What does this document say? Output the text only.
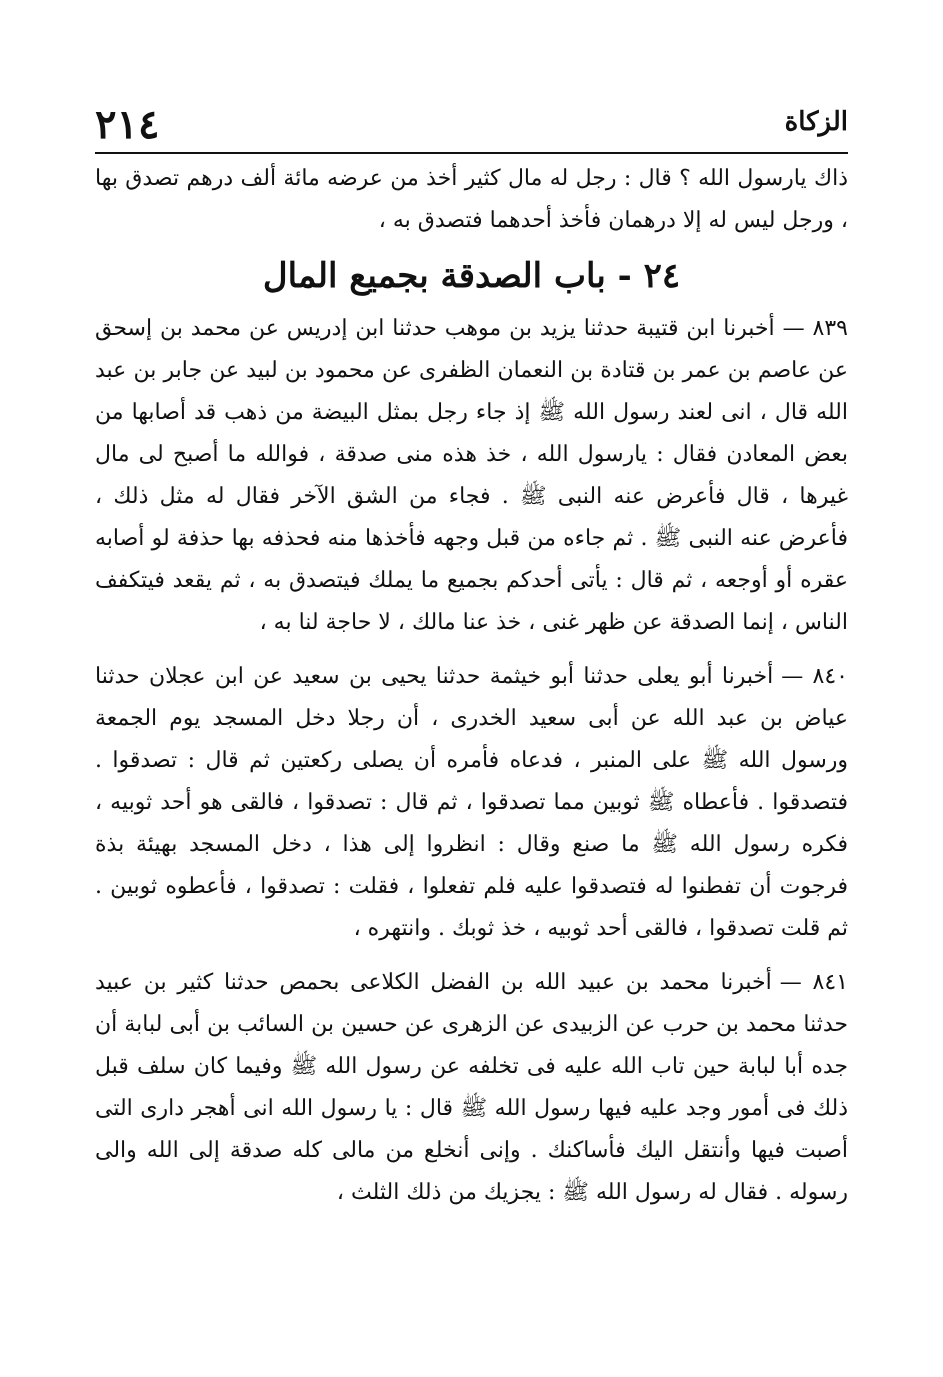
٢١٤	الزكاة

ذاك يارسول الله ؟ قال : رجل له مال كثير أخذ من عرضه مائة ألف درهم تصدق بها ، ورجل ليس له إلا درهمان فأخذ أحدهما فتصدق به ،

٢٤ - باب الصدقة بجميع المال

٨٣٩ —أخبرنا ابن قتيبة حدثنا يزيد بن موهب حدثنا ابن إدريس عن محمد بن إسحق عن عاصم بن عمر بن قتادة بن النعمان الظفرى عن محمود بن لبيد عن جابر بن عبد الله قال ، انى لعند رسول الله ﷺ إذ جاء رجل بمثل البيضة من ذهب قد أصابها من بعض المعادن فقال : يارسول الله ، خذ هذه منى صدقة ، فوالله ما أصبح لى مال غيرها ، قال فأعرض عنه النبى ﷺ . فجاء من الشق الآخر فقال له مثل ذلك ، فأعرض عنه النبى ﷺ . ثم جاءه من قبل وجهه فأخذها منه فحذفه بها حذفة لو أصابه عقره أو أوجعه ، ثم قال : يأتى أحدكم بجميع ما يملك فيتصدق به ، ثم يقعد فيتكفف الناس ، إنما الصدقة عن ظهر غنى ، خذ عنا مالك ، لا حاجة لنا به ،

٨٤٠ —أخبرنا أبو يعلى حدثنا أبو خيثمة حدثنا يحيى بن سعيد عن ابن عجلان حدثنا عياض بن عبد الله عن أبى سعيد الخدرى ، أن رجلا دخل المسجد يوم الجمعة ورسول الله ﷺ على المنبر ، فدعاه فأمره أن يصلى ركعتين ثم قال : تصدقوا . فتصدقوا . فأعطاه ﷺ ثوبين مما تصدقوا ، ثم قال : تصدقوا ، فالقى هو أحد ثوبيه ، فكره رسول الله ﷺ ما صنع وقال : انظروا إلى هذا ، دخل المسجد بهيئة بذة فرجوت أن تفطنوا له فتصدقوا عليه فلم تفعلوا ، فقلت : تصدقوا ، فأعطوه ثوبين . ثم قلت تصدقوا ، فالقى أحد ثوبيه ، خذ ثوبك . وانتهره ،

٨٤١ —أخبرنا محمد بن عبيد الله بن الفضل الكلاعى بحمص حدثنا كثير بن عبيد حدثنا محمد بن حرب عن الزبيدى عن الزهرى عن حسين بن السائب بن أبى لبابة أن جده أبا لبابة حين تاب الله عليه فى تخلفه عن رسول الله ﷺ وفيما كان سلف قبل ذلك فى أمور وجد عليه فيها رسول الله ﷺ قال : يا رسول الله انى أهجر دارى التى أصبت فيها وأنتقل اليك فأساكنك . وإنى أنخلع من مالى كله صدقة إلى الله والى رسوله . فقال له رسول الله ﷺ : يجزيك من ذلك الثلث ،
